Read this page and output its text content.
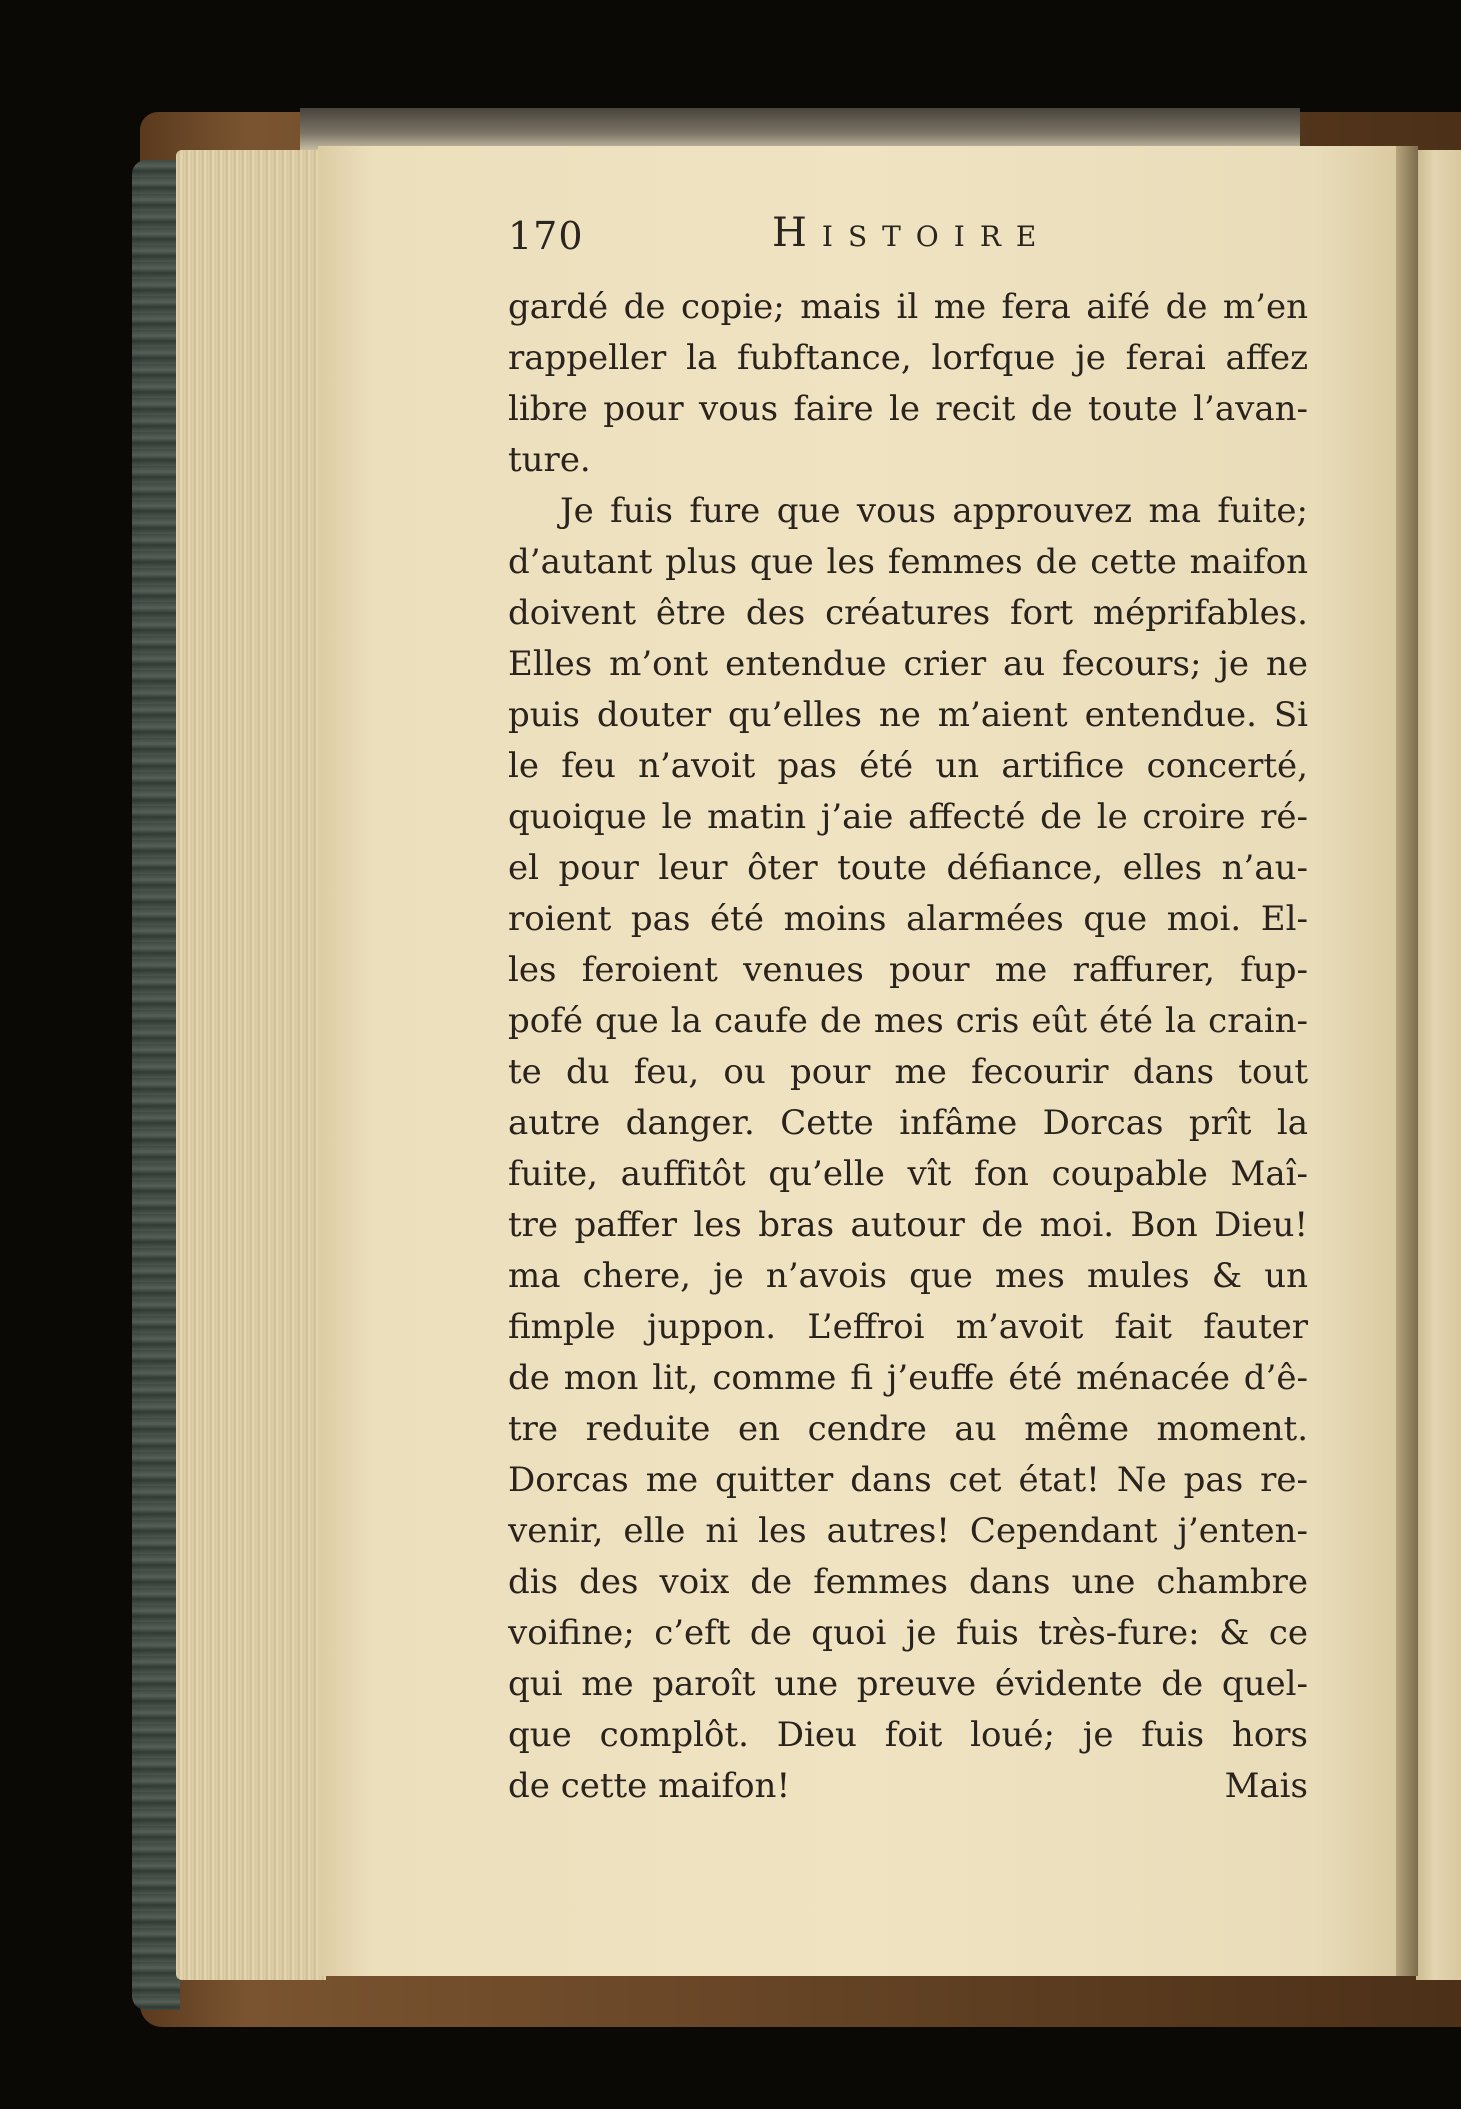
170	Histoire
gardé de copie; mais il me fera aifé de m’en
rappeller la fubftance, lorfque je ferai affez
libre pour vous faire le recit de toute l’avan-
ture.
Je fuis fure que vous approuvez ma fuite;
d’autant plus que les femmes de cette maifon
doivent être des créatures fort méprifables.
Elles m’ont entendue crier au fecours; je ne
puis douter qu’elles ne m’aient entendue. Si
le feu n’avoit pas été un artifice concerté,
quoique le matin j’aie affecté de le croire ré-
el pour leur ôter toute défiance, elles n’au-
roient pas été moins alarmées que moi. El-
les feroient venues pour me raffurer, fup-
pofé que la caufe de mes cris eût été la crain-
te du feu, ou pour me fecourir dans tout
autre danger. Cette infâme Dorcas prît la
fuite, auffitôt qu’elle vît fon coupable Maî-
tre paffer les bras autour de moi. Bon Dieu!
ma chere, je n’avois que mes mules & un
fimple juppon. L’effroi m’avoit fait fauter
de mon lit, comme fi j’euffe été ménacée d’ê-
tre reduite en cendre au même moment.
Dorcas me quitter dans cet état! Ne pas re-
venir, elle ni les autres! Cependant j’enten-
dis des voix de femmes dans une chambre
voifine; c’eft de quoi je fuis très-fure: & ce
qui me paroît une preuve évidente de quel-
que complôt. Dieu foit loué; je fuis hors
de cette maifon!	Mais
